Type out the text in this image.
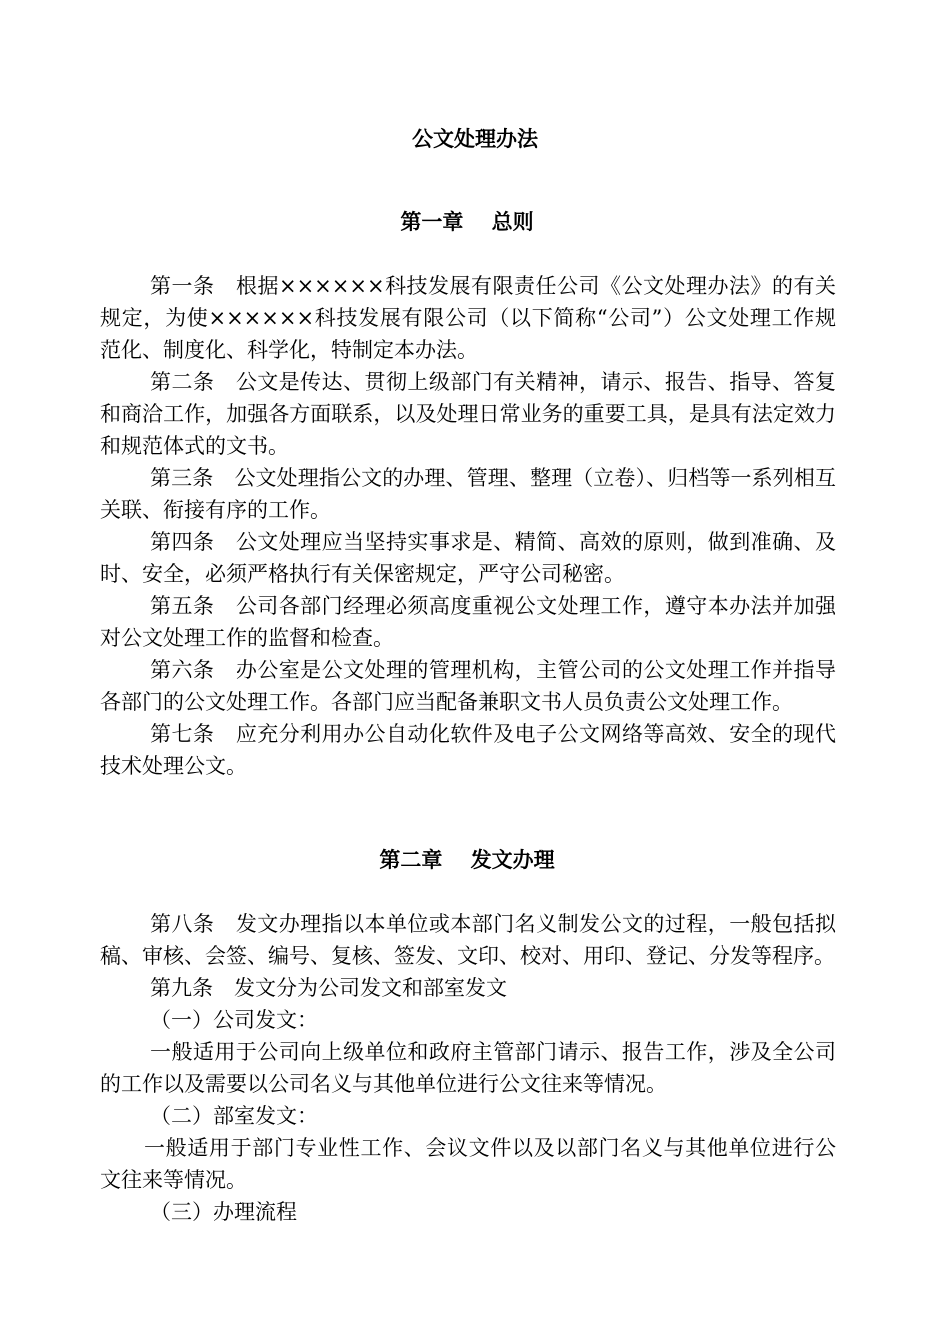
公文处理办法
第一章　 总则

第一条　根据××××××科技发展有限责任公司《公文处理办法》的有关规定，为使××××××科技发展有限公司（以下简称“公司”）公文处理工作规范化、制度化、科学化，特制定本办法。

第二条　公文是传达、贯彻上级部门有关精神，请示、报告、指导、答复和商洽工作，加强各方面联系，以及处理日常业务的重要工具，是具有法定效力和规范体式的文书。

第三条　公文处理指公文的办理、管理、整理（立卷）、归档等一系列相互关联、衔接有序的工作。

第四条　公文处理应当坚持实事求是、精简、高效的原则，做到准确、及时、安全，必须严格执行有关保密规定，严守公司秘密。

第五条　公司各部门经理必须高度重视公文处理工作，遵守本办法并加强对公文处理工作的监督和检查。

第六条　办公室是公文处理的管理机构，主管公司的公文处理工作并指导各部门的公文处理工作。各部门应当配备兼职文书人员负责公文处理工作。

第七条　应充分利用办公自动化软件及电子公文网络等高效、安全的现代技术处理公文。

第二章　 发文办理

第八条　发文办理指以本单位或本部门名义制发公文的过程，一般包括拟稿、审核、会签、编号、复核、签发、文印、校对、用印、登记、分发等程序。

第九条　发文分为公司发文和部室发文

（一）公司发文：

一般适用于公司向上级单位和政府主管部门请示、报告工作，涉及全公司的工作以及需要以公司名义与其他单位进行公文往来等情况。

（二）部室发文：

一般适用于部门专业性工作、会议文件以及以部门名义与其他单位进行公文往来等情况。

（三）办理流程
